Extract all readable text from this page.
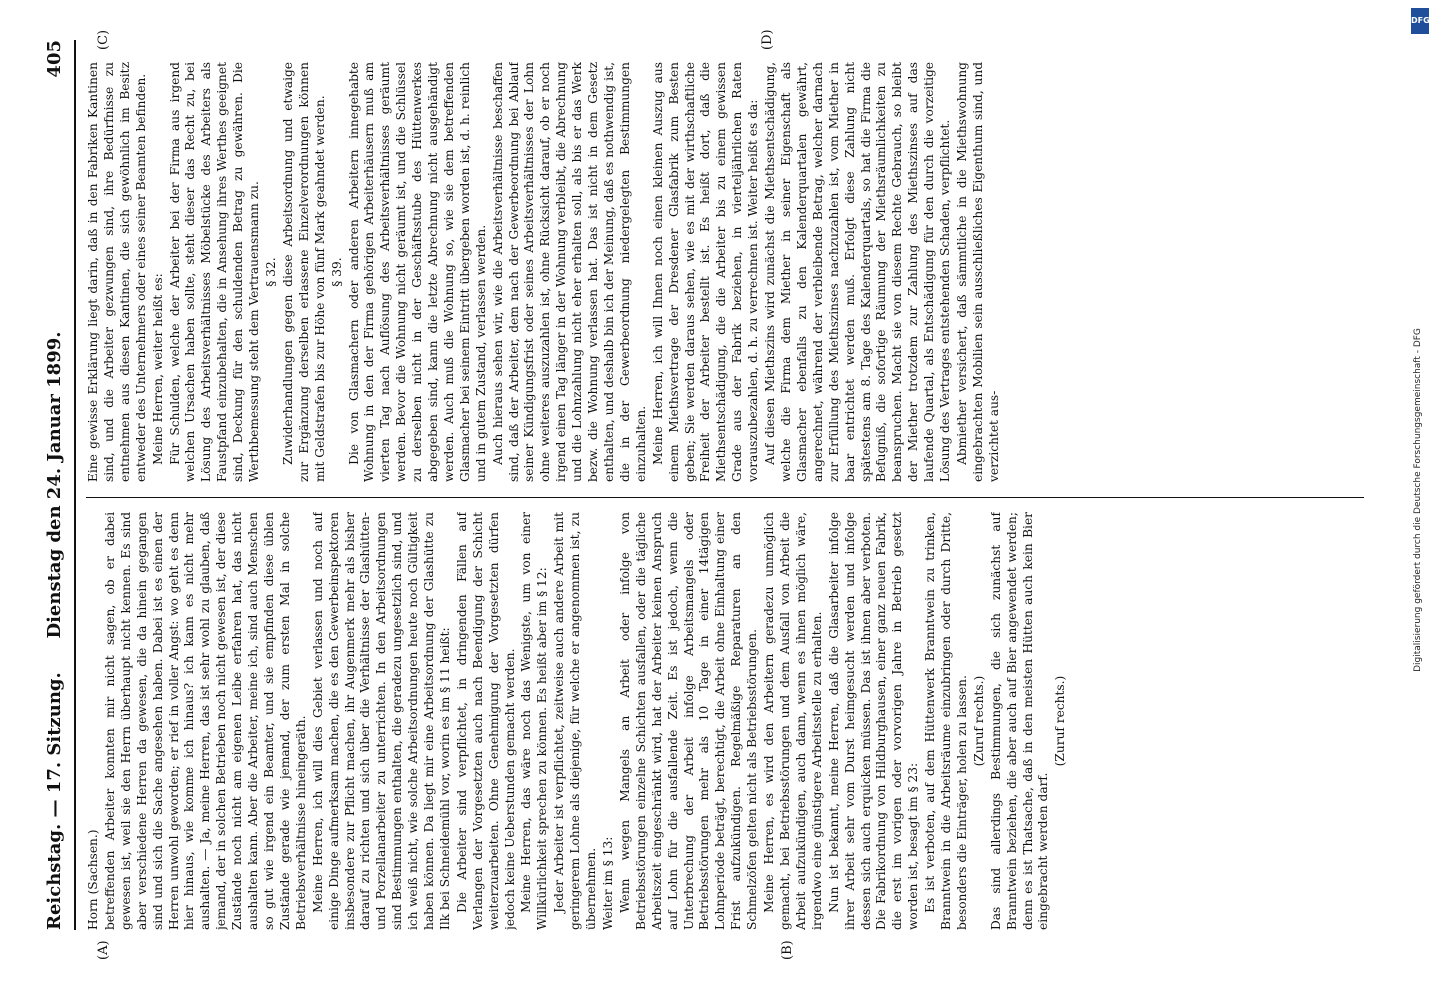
Reichstag. — 17. Sitzung.
Dienstag den 24. Januar 1899.
405
(A)	(B)
(C)	(D)

Horn (Sachsen.) betreffenden Arbeiter konnten mir nicht sagen, ob er dabei gewesen ist, weil sie den Herrn überhaupt nicht kennen. Es sind aber verschiedene Herren da gewesen, die da hinein gegangen sind und sich die Sache angesehen haben. Dabei ist es einen der Herren unwohl geworden; er rief in voller Angst: wo geht es denn hier hinaus, wie komme ich hinaus? ich kann es nicht mehr aushalten. — Ja, meine Herren, das ist sehr wohl zu glauben, daß jemand, der in solchen Betrieben noch nicht gewesen ist, der diese Zustände noch nicht am eigenen Leibe erfahren hat, das nicht aushalten kann. Aber die Arbeiter, meine ich, sind auch Menschen so gut wie irgend ein Beamter, und sie empfinden diese üblen Zustände gerade wie jemand, der zum ersten Mal in solche Betriebsverhältnisse hineingeräth. Meine Herren, ich will dies Gebiet verlassen und noch auf einige Dinge aufmerksam machen, die es den Gewerbeinspektoren insbesondere zur Pflicht machen, ihr Augenmerk mehr als bisher darauf zu richten und sich über die Verhältnisse der Glashütten- und Porzellanarbeiter zu unterrichten. In den Arbeitsordnungen sind Bestimmungen enthalten, die geradezu ungesetzlich sind, und ich weiß nicht, wie solche Arbeitsordnungen heute noch Gültigkeit haben können. Da liegt mir eine Arbeitsordnung der Glashütte zu Ilk bei Schneidemühl vor, worin es im § 11 heißt: Die Arbeiter sind verpflichtet, in dringenden Fällen auf Verlangen der Vorgesetzten auch nach Beendigung der Schicht weiterzuarbeiten. Ohne Genehmigung der Vorgesetzten dürfen jedoch keine Ueberstunden gemacht werden. Meine Herren, das wäre noch das Wenigste, um von einer Willkürlichkeit sprechen zu können. Es heißt aber im § 12: Jeder Arbeiter ist verpflichtet, zeitweise auch andere Arbeit mit geringerem Lohne als diejenige, für welche er angenommen ist, zu übernehmen. Weiter im § 13: Wenn wegen Mangels an Arbeit oder infolge von Betriebsstörungen einzelne Schichten ausfallen, oder die tägliche Arbeitszeit eingeschränkt wird, hat der Arbeiter keinen Anspruch auf Lohn für die ausfallende Zeit. Es ist jedoch, wenn die Unterbrechung der Arbeit infolge Arbeitsmangels oder Betriebsstörungen mehr als 10 Tage in einer 14tägigen Lohnperiode beträgt, berechtigt, die Arbeit ohne Einhaltung einer Frist aufzukündigen. Regelmäßige Reparaturen an den Schmelzöfen gelten nicht als Betriebsstörungen. Meine Herren, es wird den Arbeitern geradezu unmöglich gemacht, bei Betriebsstörungen und dem Ausfall von Arbeit die Arbeit aufzukündigen, auch dann, wenn es ihnen möglich wäre, irgendwo eine günstigere Arbeitsstelle zu erhalten. Nun ist bekannt, meine Herren, daß die Glasarbeiter infolge ihrer Arbeit sehr vom Durst heimgesucht werden und infolge dessen sich auch erquicken müssen. Das ist ihnen aber verboten. Die Fabrikordnung von Hildburghausen, einer ganz neuen Fabrik, die erst im vorigen oder vorvorigen Jahre in Betrieb gesetzt worden ist, besagt im § 23: Es ist verboten, auf dem Hüttenwerk Branntwein zu trinken, Branntwein in die Arbeitsräume einzubringen oder durch Dritte, besonders die Einträger, holen zu lassen. (Zuruf rechts.) Das sind allerdings Bestimmungen, die sich zunächst auf Branntwein beziehen, die aber auch auf Bier angewendet werden; denn es ist Thatsache, daß in den meisten Hütten auch kein Bier eingebracht werden darf.

(Zuruf rechts.)

Eine gewisse Erklärung liegt darin, daß in den Fabriken Kantinen sind, und die Arbeiter gezwungen sind, ihre Bedürfnisse zu entnehmen aus diesen Kantinen, die sich gewöhnlich im Besitz entweder des Unternehmers oder eines seiner Beamten befinden. Meine Herren, weiter heißt es: Für Schulden, welche der Arbeiter bei der Firma aus irgend welchen Ursachen haben sollte, steht dieser das Recht zu, bei Lösung des Arbeitsverhältnisses Möbelstücke des Arbeiters als Faustpfand einzubehalten, die in Ansehung ihres Werthes geeignet sind, Deckung für den schuldenden Betrag zu gewähren. Die Werthbemessung steht dem Vertrauensmann zu. § 32. Zuwiderhandlungen gegen diese Arbeitsordnung und etwaige zur Ergänzung derselben erlassene Einzelverordnungen können mit Geldstrafen bis zur Höhe von fünf Mark geahndet werden. § 39. Die von Glasmachern oder anderen Arbeitern innegehabte Wohnung in den der Firma gehörigen Arbeiterhäusern muß am vierten Tag nach Auflösung des Arbeitsverhältnisses geräumt werden. Bevor die Wohnung nicht geräumt ist, und die Schlüssel zu derselben nicht in der Geschäftsstube des Hüttenwerkes abgegeben sind, kann die letzte Abrechnung nicht ausgehändigt werden. Auch muß die Wohnung so, wie sie dem betreffenden Glasmacher bei seinem Eintritt übergeben worden ist, d. h. reinlich und in gutem Zustand, verlassen werden. Auch hieraus sehen wir, wie die Arbeitsverhältnisse beschaffen sind, daß der Arbeiter, dem nach der Gewerbeordnung bei Ablauf seiner Kündigungsfrist oder seines Arbeitsverhältnisses der Lohn ohne weiteres auszuzahlen ist, ohne Rücksicht darauf, ob er noch irgend einen Tag länger in der Wohnung verbleibt, die Abrechnung und die Lohnzahlung nicht eher erhalten soll, als bis er das Werk bezw. die Wohnung verlassen hat. Das ist nicht in dem Gesetz enthalten, und deshalb bin ich der Meinung, daß es nothwendig ist, die in der Gewerbeordnung niedergelegten Bestimmungen einzuhalten. Meine Herren, ich will Ihnen noch einen kleinen Auszug aus einem Miethsvertrage der Dresdener Glasfabrik zum Besten geben; Sie werden daraus sehen, wie es mit der wirthschaftliche Freiheit der Arbeiter bestellt ist. Es heißt dort, daß die Miethsentschädigung, die die Arbeiter bis zu einem gewissen Grade aus der Fabrik beziehen, in vierteljährlichen Raten vorauszubezahlen, d. h. zu verrechnen ist. Weiter heißt es da: Auf diesen Miethszins wird zunächst die Miethsentschädigung, welche die Firma dem Miether in seiner Eigenschaft als Glasmacher ebenfalls zu den Kalenderquartalen gewährt, angerechnet, während der verbleibende Betrag, welcher darnach zur Erfüllung des Miethszinses nachzuzahlen ist, vom Miether in baar entrichtet werden muß. Erfolgt diese Zahlung nicht spätestens am 8. Tage des Kalenderquartals, so hat die Firma die Befugniß, die sofortige Räumung der Miethsräumlichkeiten zu beanspruchen. Macht sie von diesem Rechte Gebrauch, so bleibt der Miether trotzdem zur Zahlung des Miethszinses auf das laufende Quartal, als Entschädigung für den durch die vorzeitige Lösung des Vertrages entstehenden Schaden, verpflichtet. Abmiether versichert, daß sämmtliche in die Miethswohnung eingebrachten Mobilien sein ausschließliches Eigenthum sind, und verzichtet aus-	Digitalisierung gefördert durch die Deutsche Forschungsgemeinschaft - DFG
DFG
